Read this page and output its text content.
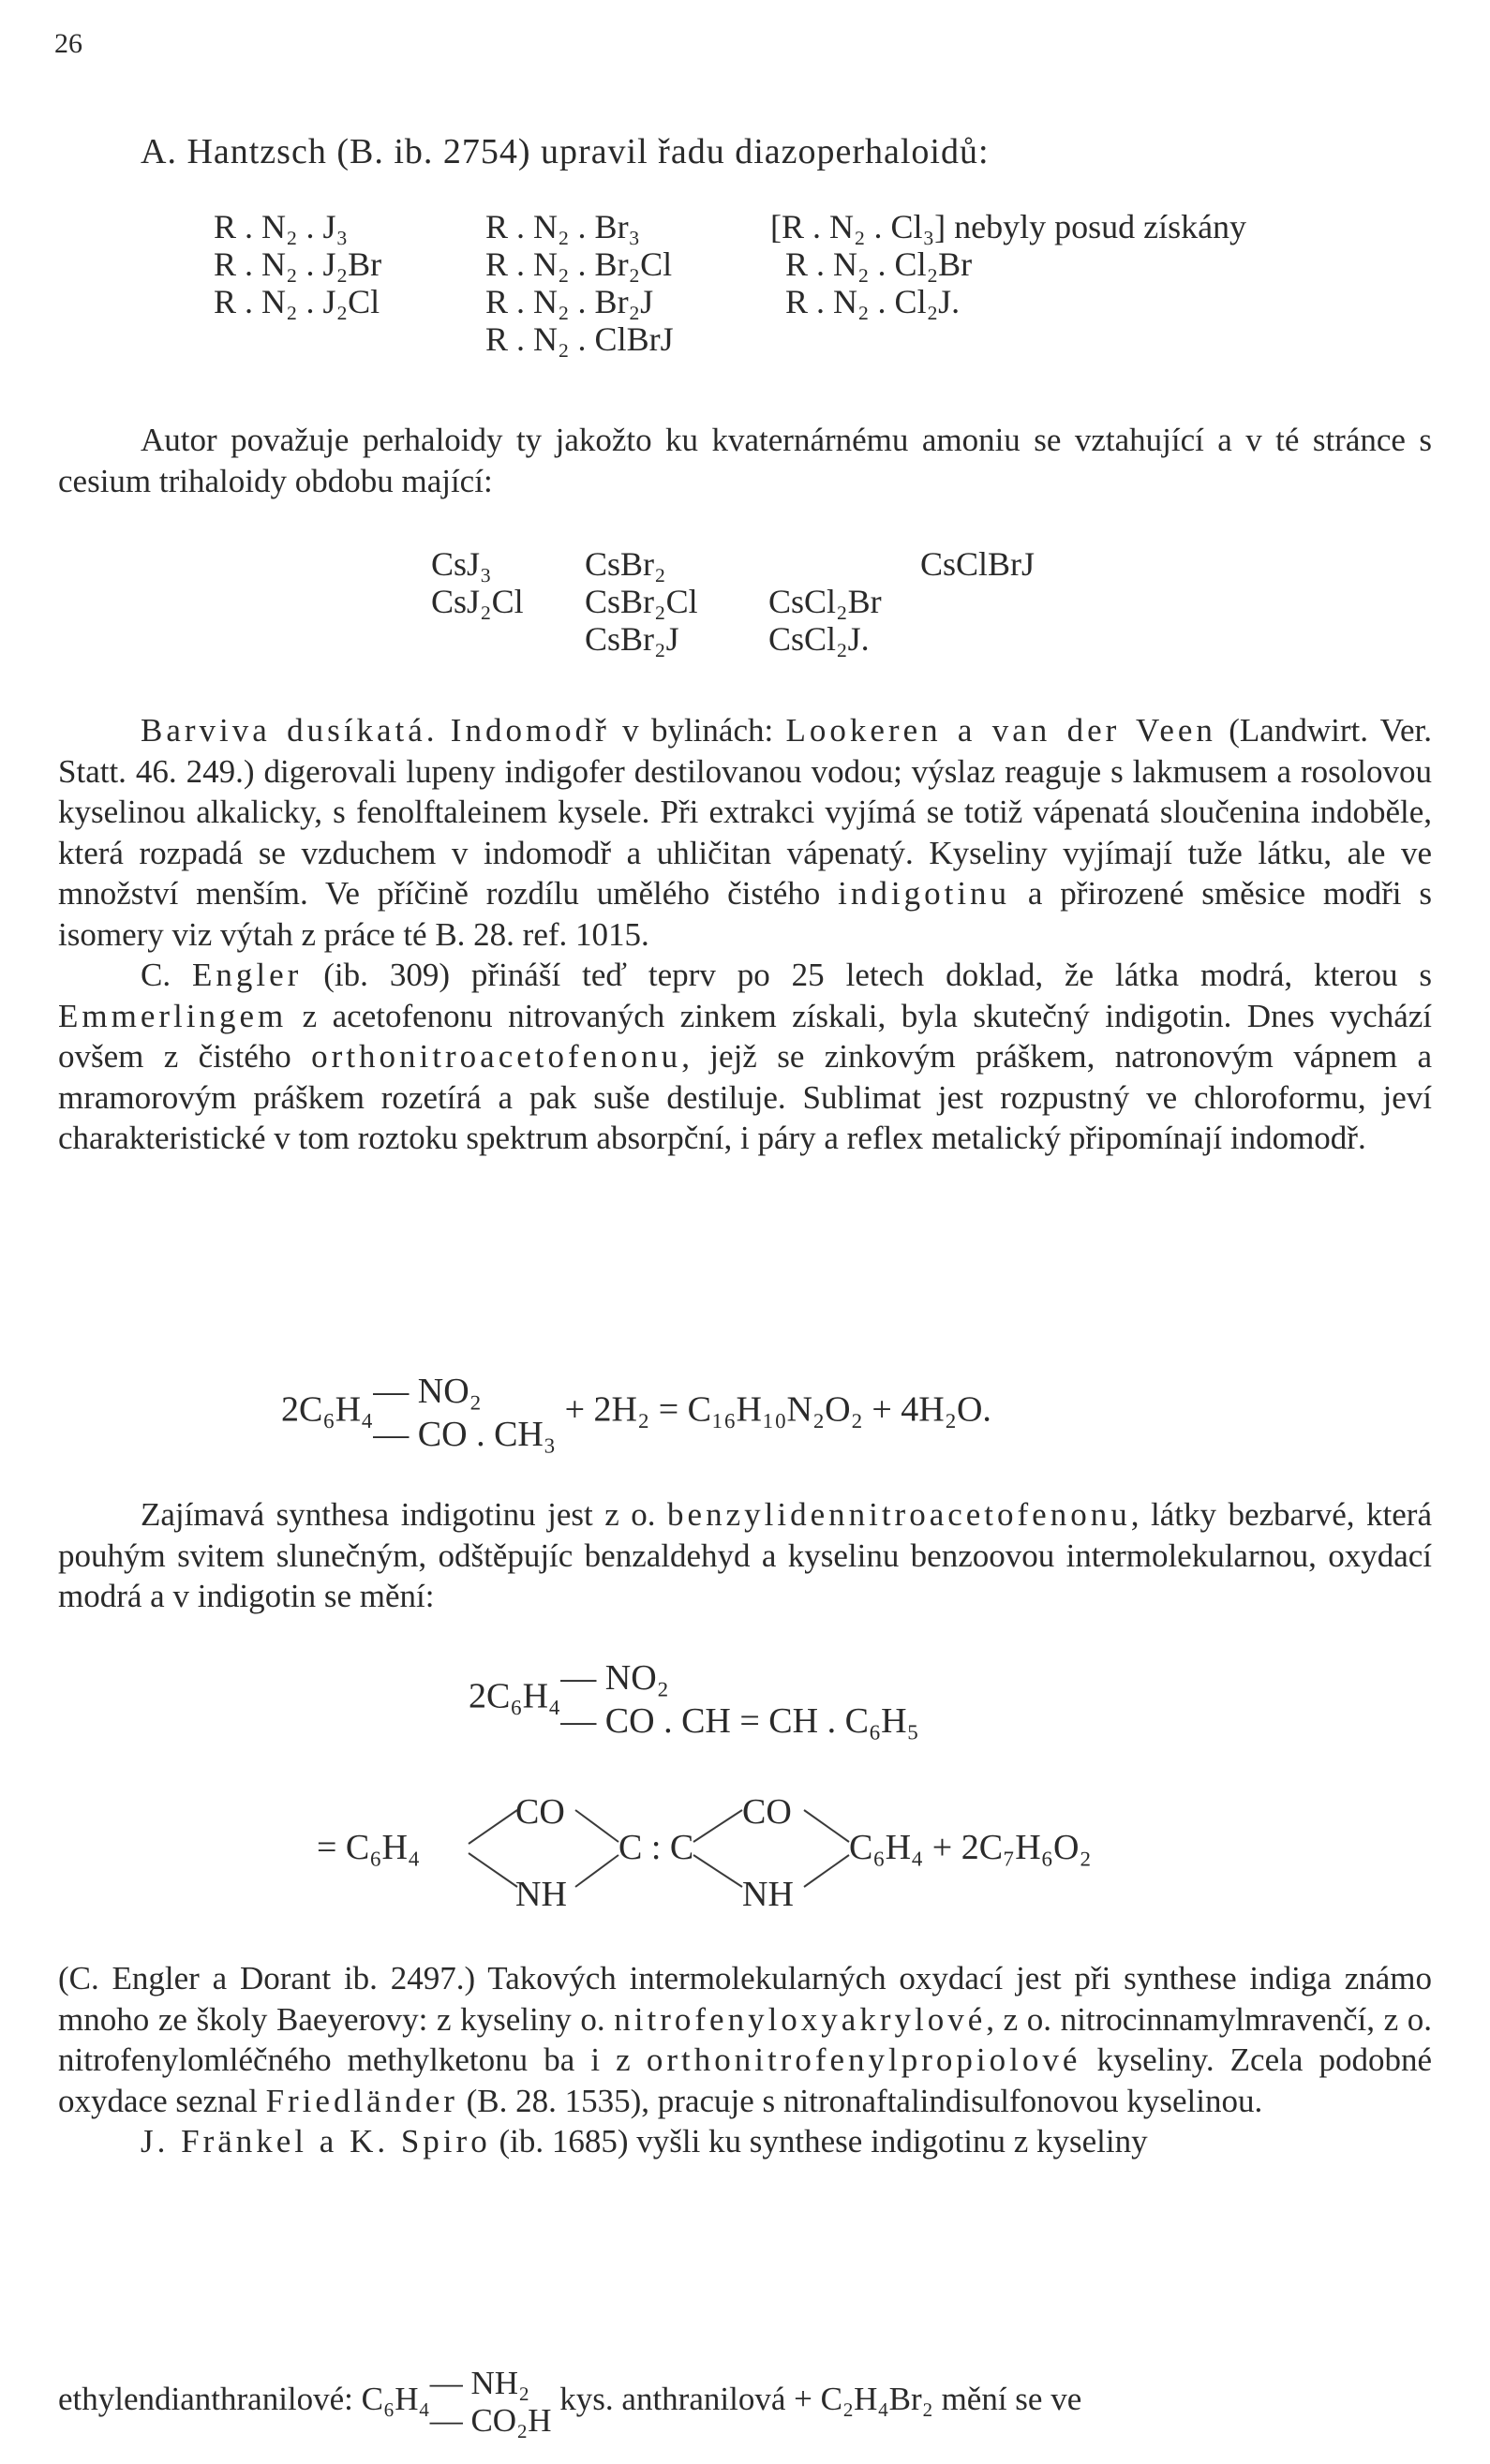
26
A. Hantzsch (B. ib. 2754) upravil řadu diazoperhaloidů:
R . N₂ . J₃
R . N₂ . J₂Br
R . N₂ . J₂Cl
R . N₂ . Br₃
R . N₂ . Br₂Cl
R . N₂ . Br₂J
R . N₂ . ClBrJ
[R . N₂ . Cl₃] nebyly posud získány
R . N₂ . Cl₂Br
R . N₂ . Cl₂J.

Autor považuje perhaloidy ty jakožto ku kvaternárnému amoniu se vztahující a v té stránce s cesium trihaloidy obdobu mající:

CsJ₃
CsJ₂Cl
CsBr₂
CsBr₂Cl
CsBr₂J
CsCl₂Br
CsCl₂J.
CsClBrJ

Barviva dusíkatá. Indomodř v bylinách: Lookeren a van der Veen (Landwirt. Ver. Statt. 46. 249.) digerovali lupeny indigofer destilovanou vodou; výslaz reaguje s lakmusem a rosolovou kyselinou alkalicky, s fenolftaleinem kysele. Při extrakci vyjímá se totiž vápenatá sloučenina indoběle, která rozpadá se vzduchem v indomodř a uhličitan vápenatý. Kyseliny vyjímají tuže látku, ale ve množství menším. Ve příčině rozdílu umělého čistého indigotinu a přirozené směsice modři s isomery viz výtah z práce té B. 28. ref. 1015.

C. Engler (ib. 309) přináší teď teprv po 25 letech doklad, že látka modrá, kterou s Emmerlingem z acetofenonu nitrovaných zinkem získali, byla skutečný indigotin. Dnes vychází ovšem z čistého orthonitroacetofenonu, jejž se zinkovým práškem, natronovým vápnem a mramorovým práškem rozetírá a pak suše destiluje. Sublimat jest rozpustný ve chloroformu, jeví charakteristické v tom roztoku spektrum absorpční, i páry a reflex metalický připomínají indomodř.

2C₆H₄ — NO₂
— CO . CH₃
+ 2H₂ = C₁₆H₁₀N₂O₂ + 4H₂O.

Zajímavá synthesa indigotinu jest z o. benzylidennitroacetofenonu, látky bezbarvé, která pouhým svitem slunečným, odštěpujíc benzaldehyd a kyselinu benzoovou intermolekularnou, oxydací modrá a v indigotin se mění:

2C₆H₄ — NO₂
— CO . CH = CH . C₆H₅
= C₆H₄
CO
NH
C : C
CO
NH
C₆H₄ + 2C₇H₆O₂

(C. Engler a Dorant ib. 2497.) Takových intermolekularných oxydací jest při synthese indiga známo mnoho ze školy Baeyerovy: z kyseliny o. nitrofenyloxyakrylové, z o. nitrocinnamylmravenčí, z o. nitrofenylomléčného methylketonu ba i z orthonitrofenylpropiolové kyseliny. Zcela podobné oxydace seznal Friedländer (B. 28. 1535), pracuje s nitronaftalindisulfonovou kyselinou.

J. Fränkel a K. Spiro (ib. 1685) vyšli ku synthese indigotinu z kyseliny

ethylendianthranilové: C₆H₄ — NH₂
— CO₂H
kys. anthranilová + C₂H₄Br₂ mění se ve
